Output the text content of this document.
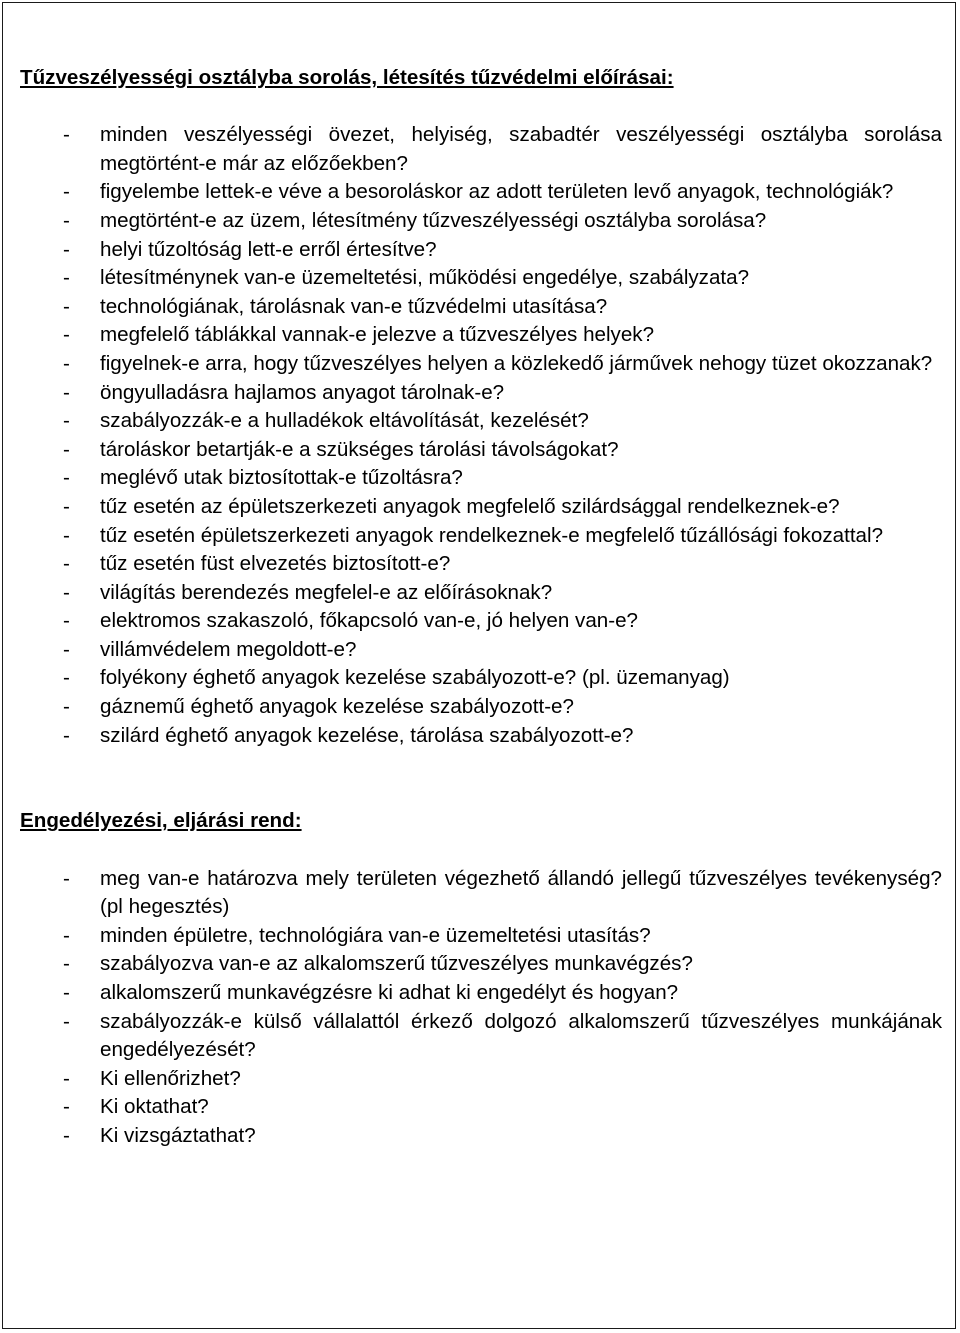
Tűzveszélyességi osztályba sorolás, létesítés tűzvédelmi előírásai:
- minden veszélyességi övezet, helyiség, szabadtér veszélyességi osztályba sorolása megtörtént-e már az előzőekben?
- figyelembe lettek-e véve a besoroláskor az adott területen levő anyagok, technológiák?
- megtörtént-e az üzem, létesítmény tűzveszélyességi osztályba sorolása?
- helyi tűzoltóság lett-e erről értesítve?
- létesítménynek van-e üzemeltetési, működési engedélye, szabályzata?
- technológiának, tárolásnak van-e tűzvédelmi utasítása?
- megfelelő táblákkal vannak-e jelezve a tűzveszélyes helyek?
- figyelnek-e arra, hogy tűzveszélyes helyen a közlekedő járművek nehogy tüzet okozzanak?
- öngyulladásra hajlamos anyagot tárolnak-e?
- szabályozzák-e a hulladékok eltávolítását, kezelését?
- tároláskor betartják-e a szükséges tárolási távolságokat?
- meglévő utak biztosítottak-e tűzoltásra?
- tűz esetén az épületszerkezeti anyagok megfelelő szilárdsággal rendelkeznek-e?
- tűz esetén épületszerkezeti anyagok rendelkeznek-e megfelelő tűzállósági fokozattal?
- tűz esetén füst elvezetés biztosított-e?
- világítás berendezés megfelel-e az előírásoknak?
- elektromos szakaszoló, főkapcsoló van-e, jó helyen van-e?
- villámvédelem megoldott-e?
- folyékony éghető anyagok kezelése szabályozott-e? (pl. üzemanyag)
- gáznemű éghető anyagok kezelése szabályozott-e?
- szilárd éghető anyagok kezelése, tárolása szabályozott-e?
Engedélyezési, eljárási rend:
- meg van-e határozva mely területen végezhető állandó jellegű tűzveszélyes tevékenység? (pl hegesztés)
- minden épületre, technológiára van-e üzemeltetési utasítás?
- szabályozva van-e az alkalomszerű tűzveszélyes munkavégzés?
- alkalomszerű munkavégzésre ki adhat ki engedélyt és hogyan?
- szabályozzák-e külső vállalattól érkező dolgozó alkalomszerű tűzveszélyes munkájának engedélyezését?
- Ki ellenőrizhet?
- Ki oktathat?
- Ki vizsgáztathat?
